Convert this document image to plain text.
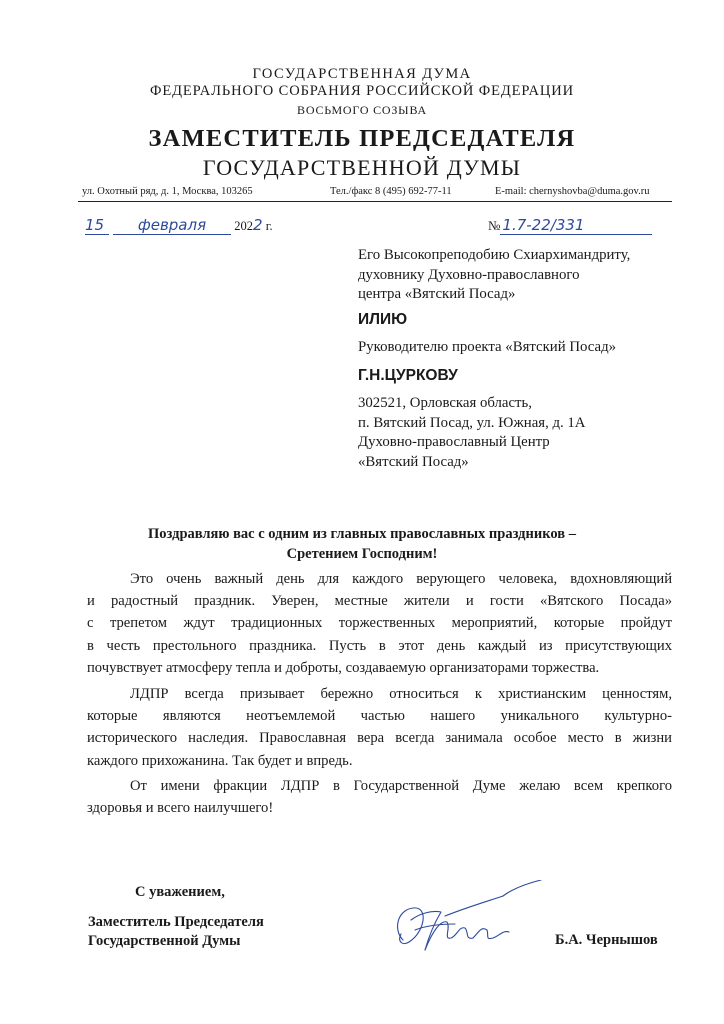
ГОСУДАРСТВЕННАЯ ДУМА
ФЕДЕРАЛЬНОГО СОБРАНИЯ РОССИЙСКОЙ ФЕДЕРАЦИИ
ВОСЬМОГО СОЗЫВА
ЗАМЕСТИТЕЛЬ ПРЕДСЕДАТЕЛЯ
ГОСУДАРСТВЕННОЙ ДУМЫ
ул. Охотный ряд, д. 1, Москва, 103265	Тел./факс 8 (495) 692-77-11	E-mail: chernyshovba@duma.gov.ru
15 февраля 2022 г.	№ 1.7-22/331
Его Высокопреподобию Схиархимандриту,
духовнику Духовно-православного
центра «Вятский Посад»
ИЛИЮ
Руководителю проекта «Вятский Посад»
Г.Н.ЦУРКОВУ
302521, Орловская область,
п. Вятский Посад, ул. Южная, д. 1А
Духовно-православный Центр
«Вятский Посад»
Поздравляю вас с одним из главных православных праздников –
Сретением Господним!
Это очень важный день для каждого верующего человека, вдохновляющий
и радостный праздник. Уверен, местные жители и гости «Вятского Посада»
с трепетом ждут традиционных торжественных мероприятий, которые пройдут
в честь престольного праздника. Пусть в этот день каждый из присутствующих
почувствует атмосферу тепла и доброты, создаваемую организаторами торжества.
ЛДПР всегда призывает бережно относиться к христианским ценностям,
которые являются неотъемлемой частью нашего уникального культурно-
исторического наследия. Православная вера всегда занимала особое место в жизни
каждого прихожанина. Так будет и впредь.
От имени фракции ЛДПР в Государственной Думе желаю всем крепкого
здоровья и всего наилучшего!
С уважением,
Заместитель Председателя
Государственной Думы	Б.А. Чернышов
